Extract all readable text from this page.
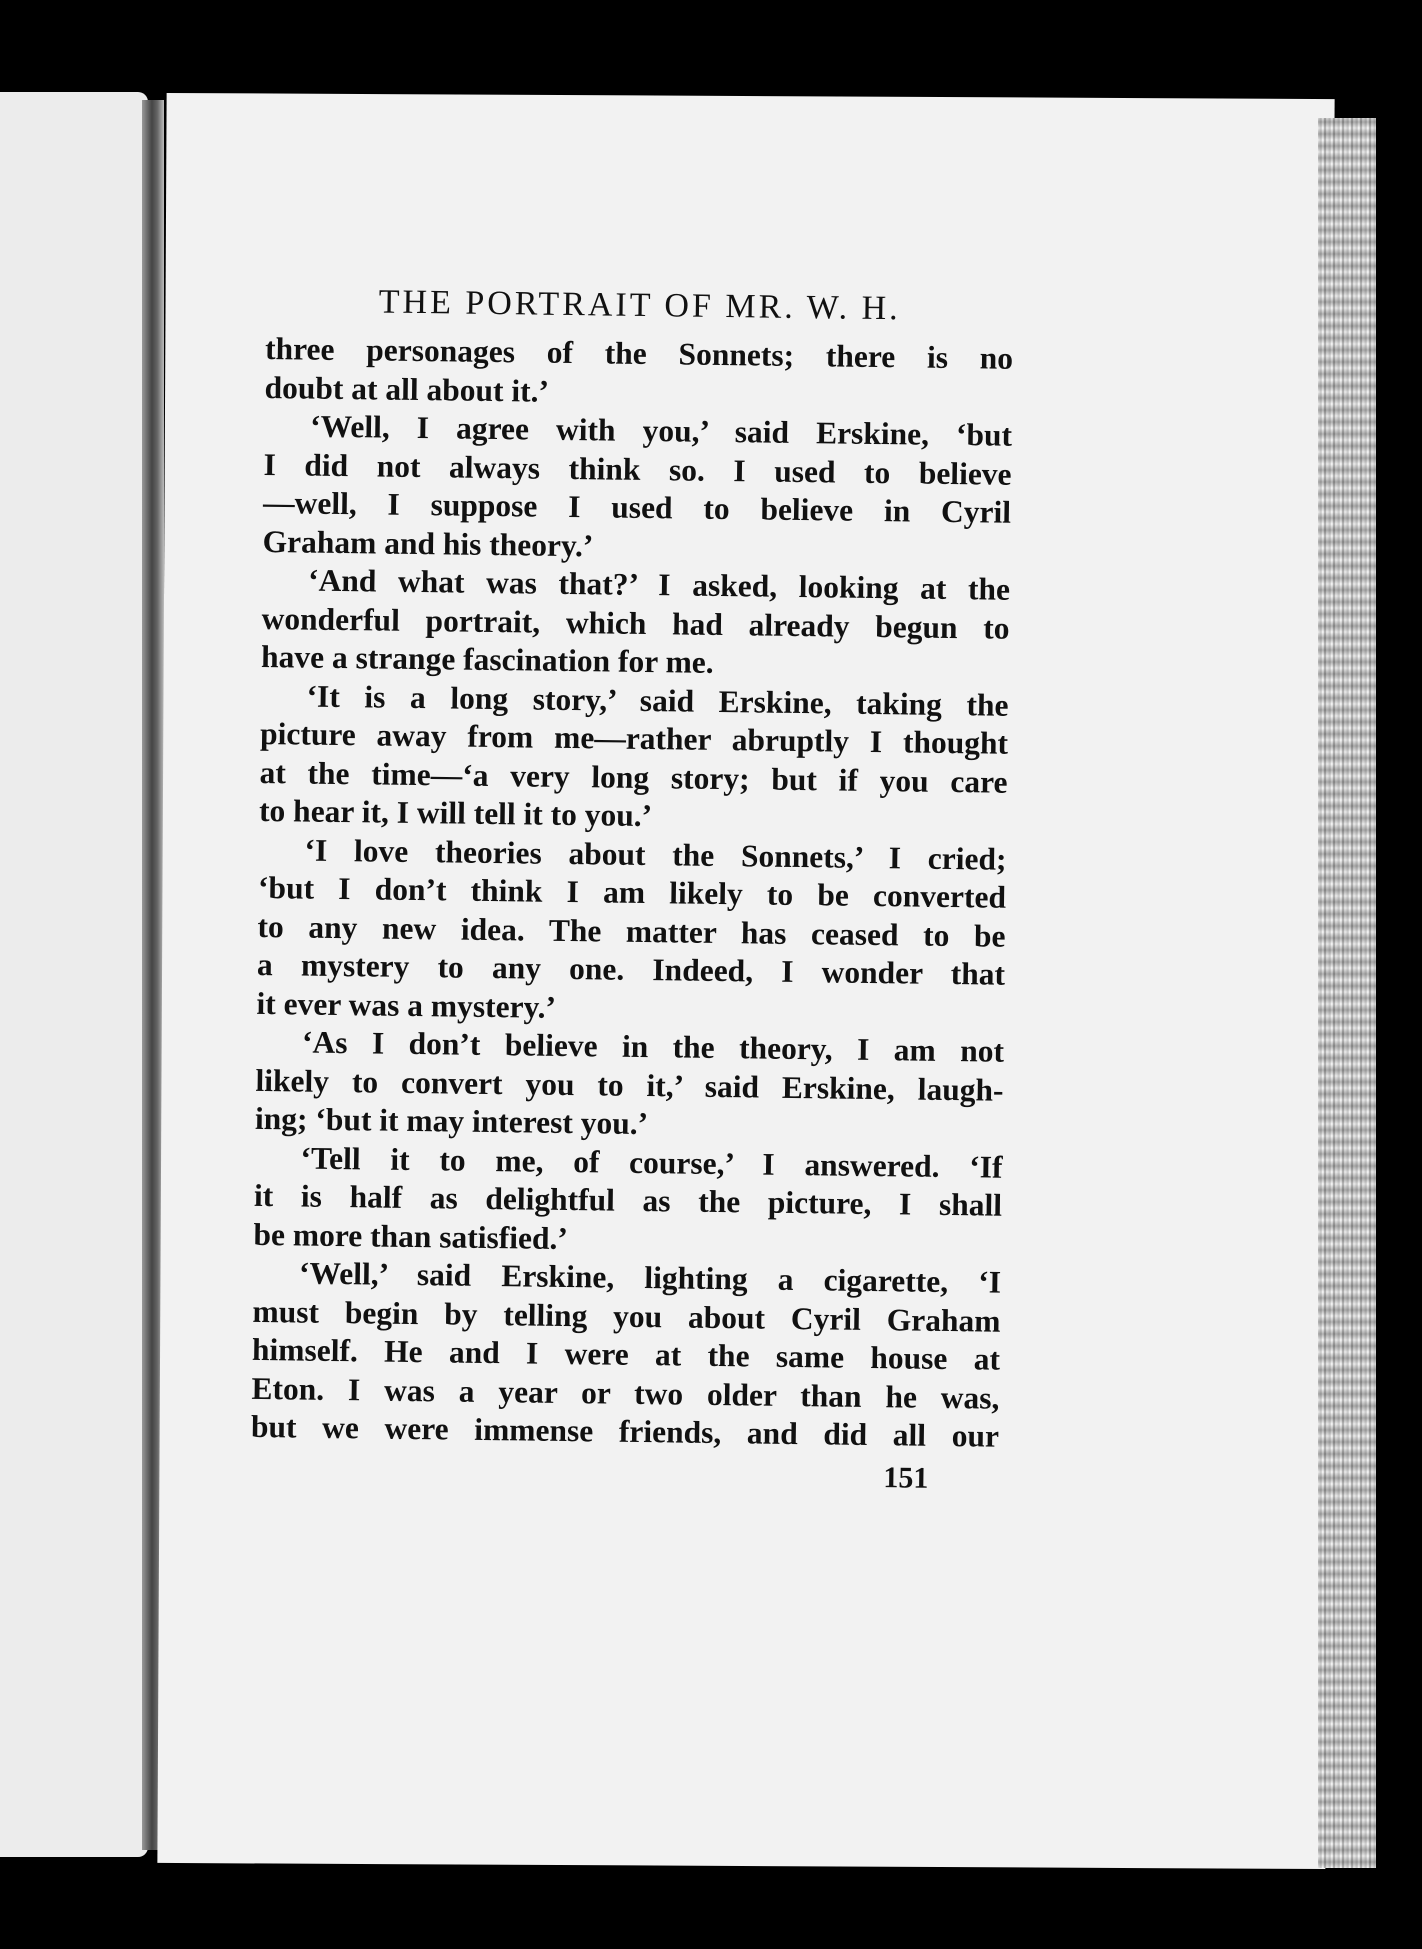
THE PORTRAIT OF MR. W. H.
three personages of the Sonnets; there is no
doubt at all about it.’
‘Well, I agree with you,’ said Erskine, ‘but
I did not always think so. I used to believe
—well, I suppose I used to believe in Cyril
Graham and his theory.’
‘And what was that?’ I asked, looking at the
wonderful portrait, which had already begun to
have a strange fascination for me.
‘It is a long story,’ said Erskine, taking the
picture away from me—rather abruptly I thought
at the time—‘a very long story; but if you care
to hear it, I will tell it to you.’
‘I love theories about the Sonnets,’ I cried;
‘but I don’t think I am likely to be converted
to any new idea. The matter has ceased to be
a mystery to any one. Indeed, I wonder that
it ever was a mystery.’
‘As I don’t believe in the theory, I am not
likely to convert you to it,’ said Erskine, laugh-
ing; ‘but it may interest you.’
‘Tell it to me, of course,’ I answered. ‘If
it is half as delightful as the picture, I shall
be more than satisfied.’
‘Well,’ said Erskine, lighting a cigarette, ‘I
must begin by telling you about Cyril Graham
himself. He and I were at the same house at
Eton. I was a year or two older than he was,
but we were immense friends, and did all our
151
